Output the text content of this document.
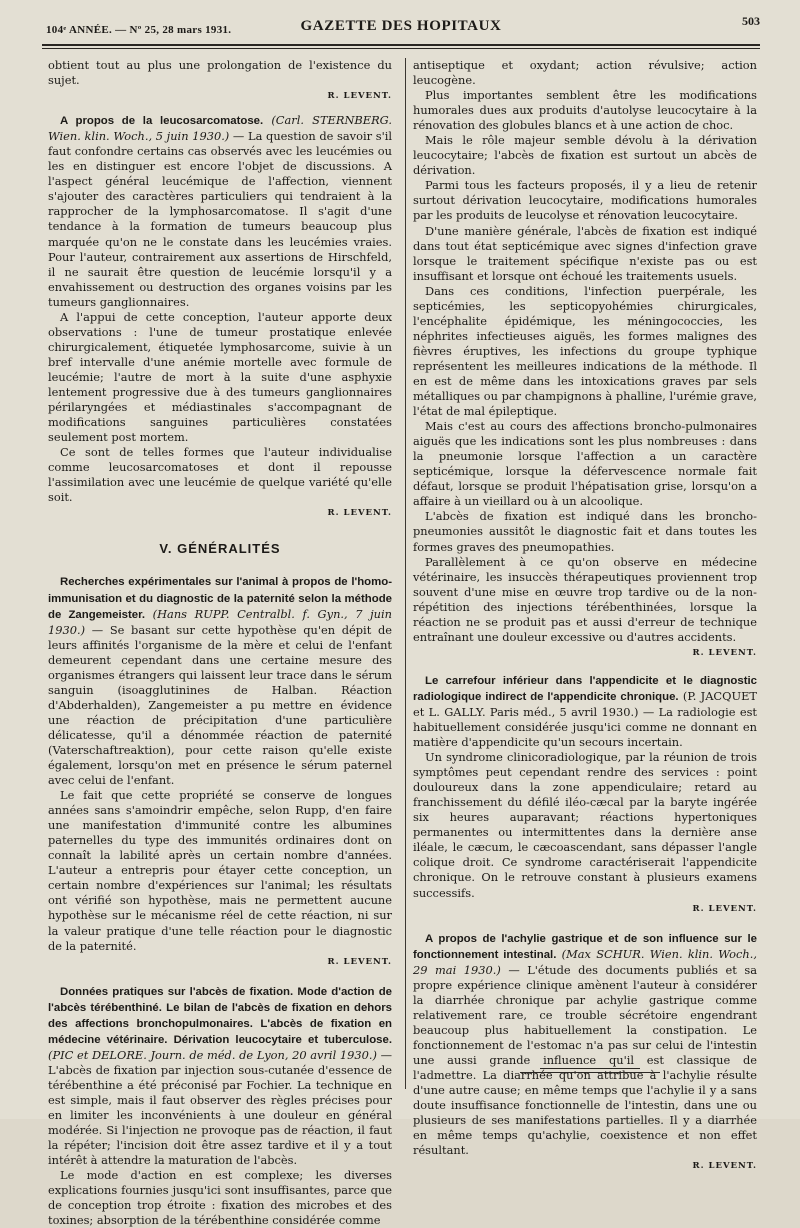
104ᵉ ANNÉE. — Nº 25, 28 mars 1931.	GAZETTE DES HOPITAUX	503

obtient tout au plus une prolongation de l'existence du sujet.

R. LEVENT.

A propos de la leucosarcomatose. (Carl. STERNBERG. Wien. klin. Woch., 5 juin 1930.) — La question de savoir s'il faut confondre certains cas observés avec les leucémies ou les en distinguer est encore l'objet de discussions. A l'aspect général leucémique de l'affection, viennent s'ajouter des caractères particuliers qui tendraient à la rapprocher de la lymphosarcomatose. Il s'agit d'une tendance à la formation de tumeurs beaucoup plus marquée qu'on ne le constate dans les leucémies vraies. Pour l'auteur, contrairement aux assertions de Hirschfeld, il ne saurait être question de leucémie lorsqu'il y a envahissement ou destruction des organes voisins par les tumeurs ganglionnaires.

A l'appui de cette conception, l'auteur apporte deux observations : l'une de tumeur prostatique enlevée chirurgicalement, étiquetée lymphosarcome, suivie à un bref intervalle d'une anémie mortelle avec formule de leucémie; l'autre de mort à la suite d'une asphyxie lentement progressive due à des tumeurs ganglionnaires périlaryngées et médiastinales s'accompagnant de modifications sanguines particulières constatées seulement post mortem.

Ce sont de telles formes que l'auteur individualise comme leucosarcomatoses et dont il repousse l'assimilation avec une leucémie de quelque variété qu'elle soit.

R. LEVENT.
V. GÉNÉRALITÉS

Recherches expérimentales sur l'animal à propos de l'homo-immunisation et du diagnostic de la paternité selon la méthode de Zangemeister. (Hans RUPP. Centralbl. f. Gyn., 7 juin 1930.) — Se basant sur cette hypothèse qu'en dépit de leurs affinités l'organisme de la mère et celui de l'enfant demeurent cependant dans une certaine mesure des organismes étrangers qui laissent leur trace dans le sérum sanguin (isoagglutinines de Halban. Réaction d'Abderhalden), Zangemeister a pu mettre en évidence une réaction de précipitation d'une particulière délicatesse, qu'il a dénommée réaction de paternité (Vaterschaftreaktion), pour cette raison qu'elle existe également, lorsqu'on met en présence le sérum paternel avec celui de l'enfant.

Le fait que cette propriété se conserve de longues années sans s'amoindrir empêche, selon Rupp, d'en faire une manifestation d'immunité contre les albumines paternelles du type des immunités ordinaires dont on connaît la labilité après un certain nombre d'années. L'auteur a entrepris pour étayer cette conception, un certain nombre d'expériences sur l'animal; les résultats ont vérifié son hypothèse, mais ne permettent aucune hypothèse sur le mécanisme réel de cette réaction, ni sur la valeur pratique d'une telle réaction pour le diagnostic de la paternité.

R. LEVENT.

Données pratiques sur l'abcès de fixation. Mode d'action de l'abcès térébenthiné. Le bilan de l'abcès de fixation en dehors des affections bronchopulmonaires. L'abcès de fixation en médecine vétérinaire. Dérivation leucocytaire et tuberculose. (PIC et DELORE. Journ. de méd. de Lyon, 20 avril 1930.) — L'abcès de fixation par injection sous-cutanée d'essence de térébenthine a été préconisé par Fochier. La technique en est simple, mais il faut observer des règles précises pour en limiter les inconvénients à une douleur en général modérée. Si l'injection ne provoque pas de réaction, il faut la répéter; l'incision doit être assez tardive et il y a tout intérêt à attendre la maturation de l'abcès.

Le mode d'action en est complexe; les diverses explications fournies jusqu'ici sont insuffisantes, parce que de conception trop étroite : fixation des microbes et des toxines; absorption de la térébenthine considérée comme

antiseptique et oxydant; action révulsive; action leucogène.

Plus importantes semblent être les modifications humorales dues aux produits d'autolyse leucocytaire à la rénovation des globules blancs et à une action de choc.

Mais le rôle majeur semble dévolu à la dérivation leucocytaire; l'abcès de fixation est surtout un abcès de dérivation.

Parmi tous les facteurs proposés, il y a lieu de retenir surtout dérivation leucocytaire, modifications humorales par les produits de leucolyse et rénovation leucocytaire.

D'une manière générale, l'abcès de fixation est indiqué dans tout état septicémique avec signes d'infection grave lorsque le traitement spécifique n'existe pas ou est insuffisant et lorsque ont échoué les traitements usuels.

Dans ces conditions, l'infection puerpérale, les septicémies, les septicopyohémies chirurgicales, l'encéphalite épidémique, les méningococcies, les néphrites infectieuses aiguës, les formes malignes des fièvres éruptives, les infections du groupe typhique représentent les meilleures indications de la méthode. Il en est de même dans les intoxications graves par sels métalliques ou par champignons à phalline, l'urémie grave, l'état de mal épileptique.

Mais c'est au cours des affections broncho-pulmonaires aiguës que les indications sont les plus nombreuses : dans la pneumonie lorsque l'affection a un caractère septicémique, lorsque la défervescence normale fait défaut, lorsque se produit l'hépatisation grise, lorsqu'on a affaire à un vieillard ou à un alcoolique.

L'abcès de fixation est indiqué dans les broncho-pneumonies aussitôt le diagnostic fait et dans toutes les formes graves des pneumopathies.

Parallèlement à ce qu'on observe en médecine vétérinaire, les insuccès thérapeutiques proviennent trop souvent d'une mise en œuvre trop tardive ou de la non-répétition des injections térébenthinées, lorsque la réaction ne se produit pas et aussi d'erreur de technique entraînant une douleur excessive ou d'autres accidents.

R. LEVENT.

Le carrefour inférieur dans l'appendicite et le diagnostic radiologique indirect de l'appendicite chronique. (P. JACQUET et L. GALLY. Paris méd., 5 avril 1930.) — La radiologie est habituellement considérée jusqu'ici comme ne donnant en matière d'appendicite qu'un secours incertain.

Un syndrome clinicoradiologique, par la réunion de trois symptômes peut cependant rendre des services : point douloureux dans la zone appendiculaire; retard au franchissement du défilé iléo-cæcal par la baryte ingérée six heures auparavant; réactions hypertoniques permanentes ou intermittentes dans la dernière anse iléale, le cæcum, le cæcoascendant, sans dépasser l'angle colique droit. Ce syndrome caractériserait l'appendicite chronique. On le retrouve constant à plusieurs examens successifs.

R. LEVENT.

A propos de l'achylie gastrique et de son influence sur le fonctionnement intestinal. (Max SCHUR. Wien. klin. Woch., 29 mai 1930.) — L'étude des documents publiés et sa propre expérience clinique amènent l'auteur à considérer la diarrhée chronique par achylie gastrique comme relativement rare, ce trouble sécrétoire engendrant beaucoup plus habituellement la constipation. Le fonctionnement de l'estomac n'a pas sur celui de l'intestin une aussi grande influence qu'il est classique de l'admettre. La diarrhée qu'on attribue à l'achylie résulte d'une autre cause; en même temps que l'achylie il y a sans doute insuffisance fonctionnelle de l'intestin, dans une ou plusieurs de ses manifestations partielles. Il y a diarrhée en même temps qu'achylie, coexistence et non effet résultant.

R. LEVENT.
